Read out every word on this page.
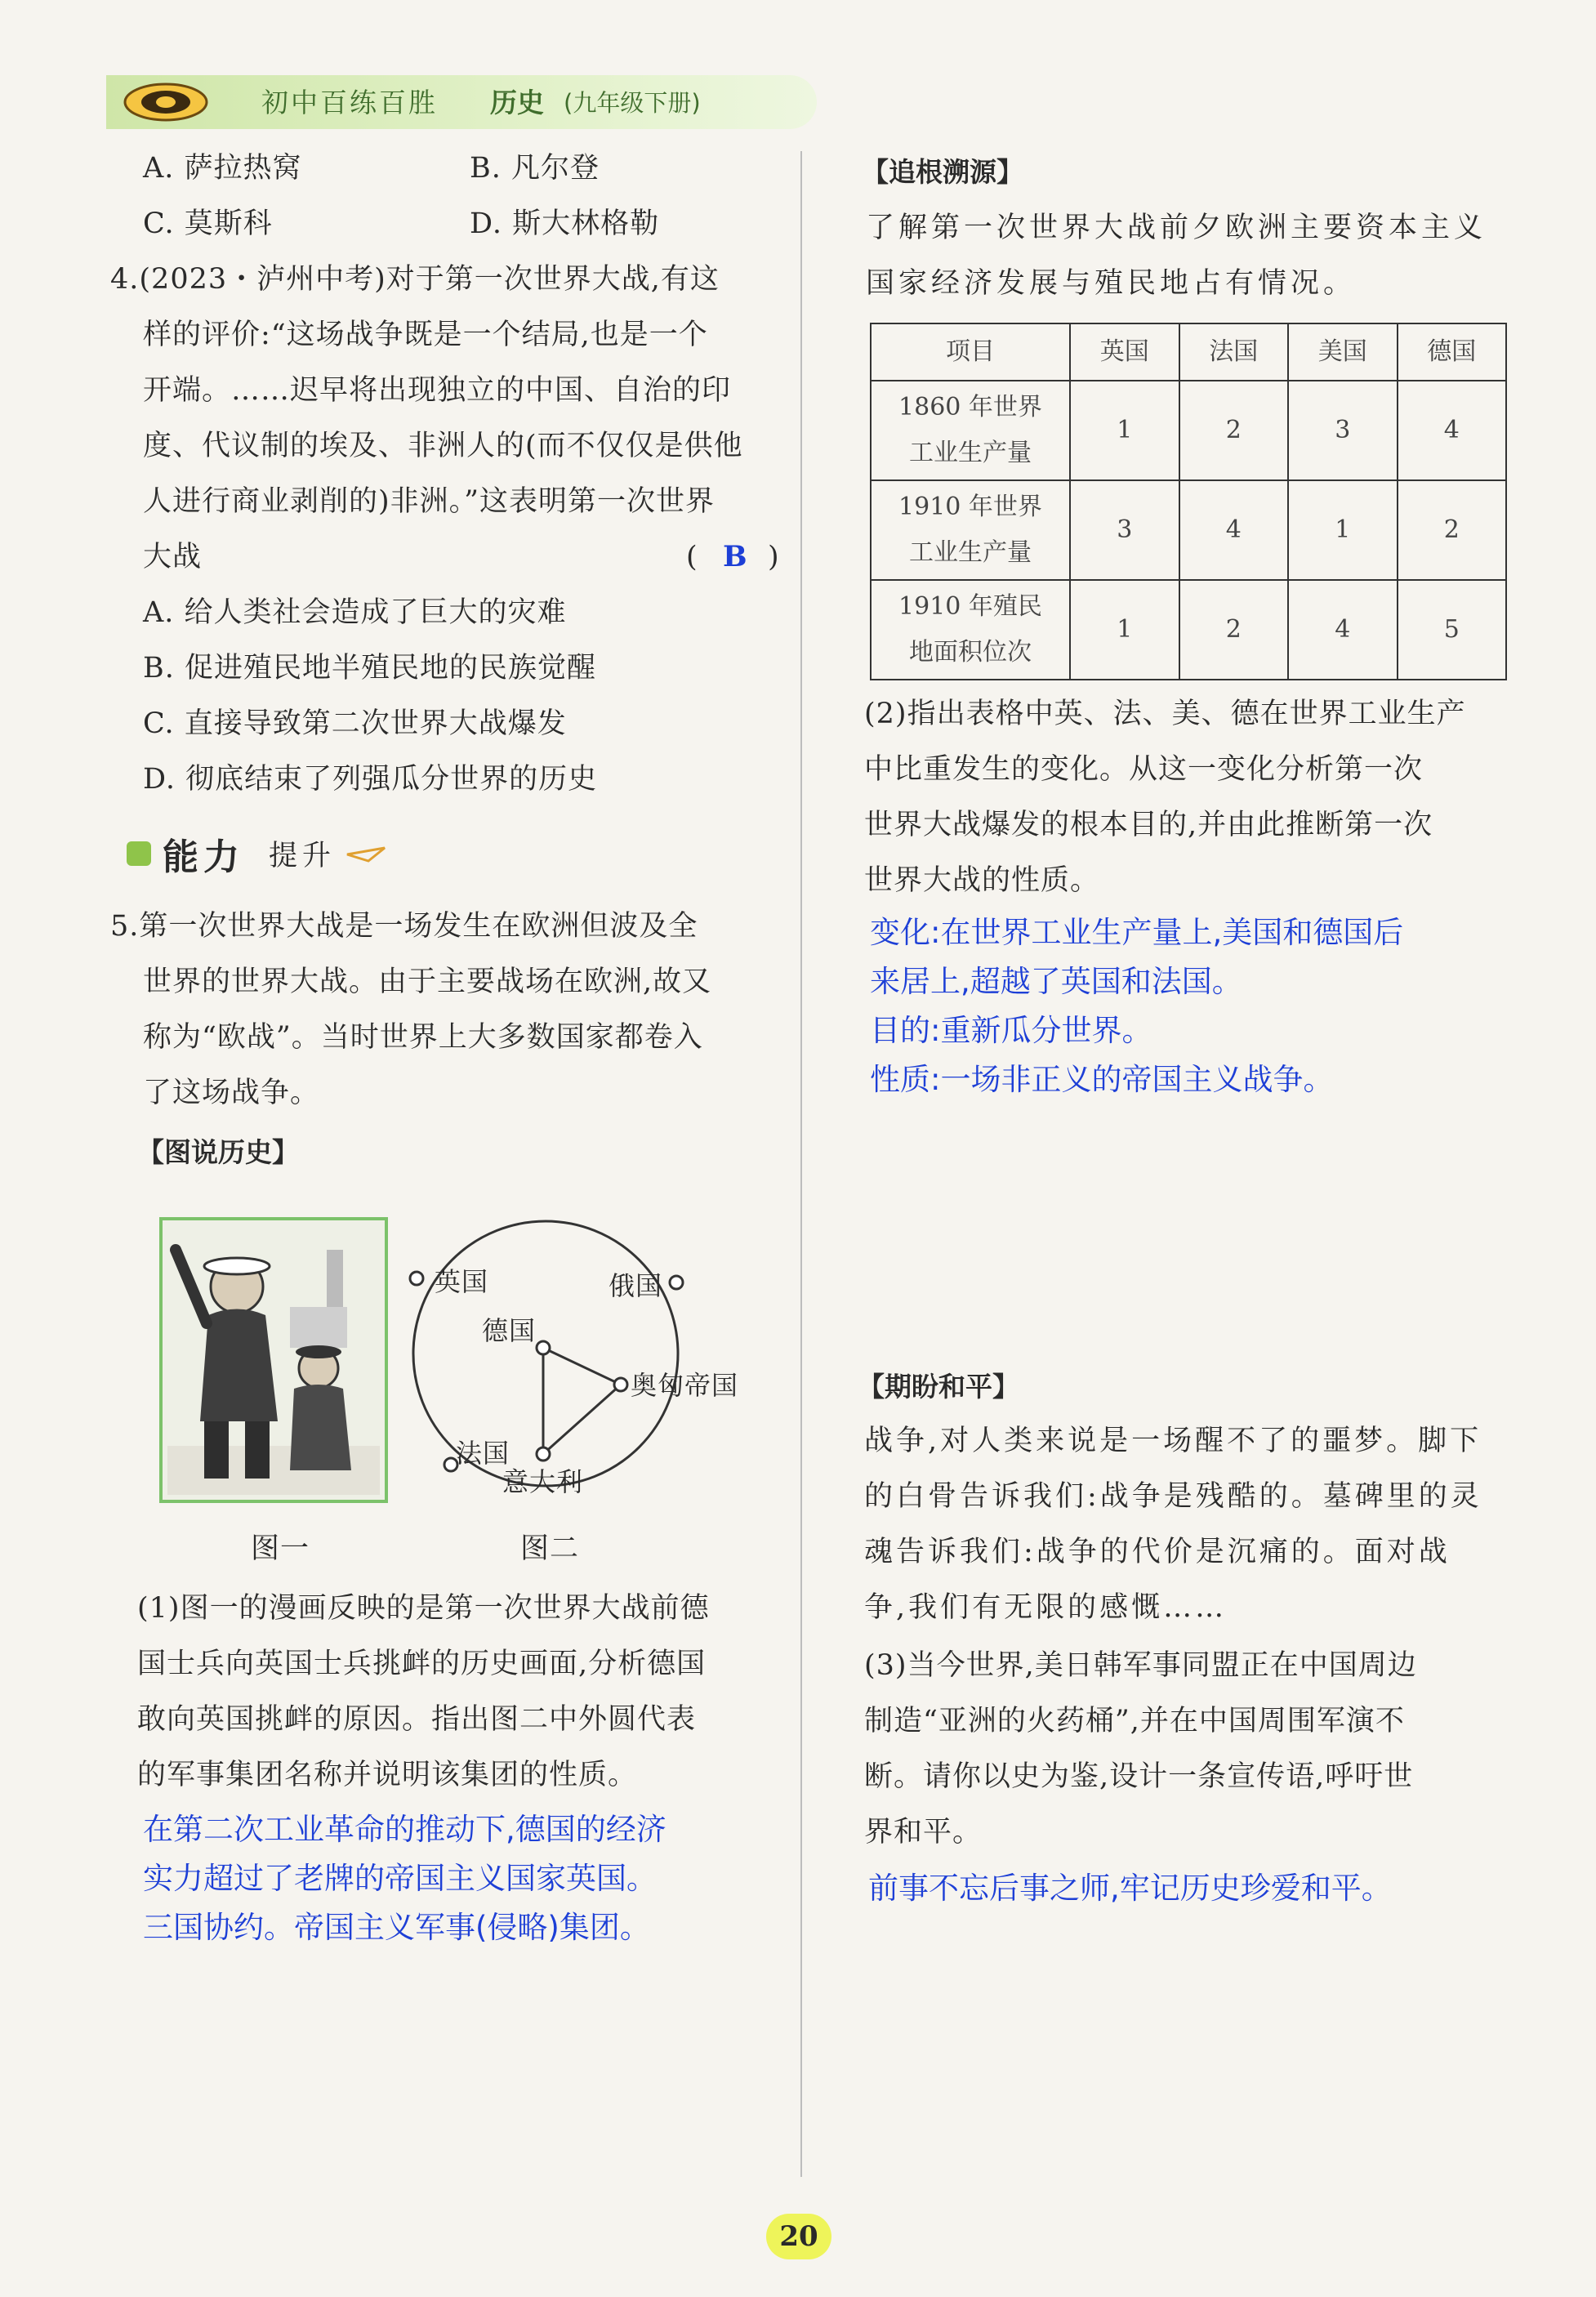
初中百练百胜 历史 (九年级下册)
A. 萨拉热窝	B. 凡尔登
C. 莫斯科	D. 斯大林格勒
4.(2023・泸州中考)对于第一次世界大战,有这
样的评价:“这场战争既是一个结局,也是一个
开端。……迟早将出现独立的中国、自治的印
度、代议制的埃及、非洲人的(而不仅仅是供他
人进行商业剥削的)非洲。”这表明第一次世界
大战	( B )
A. 给人类社会造成了巨大的灾难
B. 促进殖民地半殖民地的民族觉醒
C. 直接导致第二次世界大战爆发
D. 彻底结束了列强瓜分世界的历史
能力 提升
5.第一次世界大战是一场发生在欧洲但波及全
世界的世界大战。由于主要战场在欧洲,故又
称为“欧战”。当时世界上大多数国家都卷入
了这场战争。
【图说历史】
图一
英国	俄国
德国
奥匈帝国
法国
意大利
图二
(1)图一的漫画反映的是第一次世界大战前德
国士兵向英国士兵挑衅的历史画面,分析德国
敢向英国挑衅的原因。指出图二中外圆代表
的军事集团名称并说明该集团的性质。
在第二次工业革命的推动下,德国的经济
实力超过了老牌的帝国主义国家英国。
三国协约。帝国主义军事(侵略)集团。
【追根溯源】
了解第一次世界大战前夕欧洲主要资本主义
国家经济发展与殖民地占有情况。
项目	英国	法国	美国	德国

1860 年世界
工业生产量	1	2	3	4

1910 年世界
工业生产量	3	4	1	2

1910 年殖民
地面积位次	1	2	4	5
(2)指出表格中英、法、美、德在世界工业生产
中比重发生的变化。从这一变化分析第一次
世界大战爆发的根本目的,并由此推断第一次
世界大战的性质。
变化:在世界工业生产量上,美国和德国后
来居上,超越了英国和法国。
目的:重新瓜分世界。
性质:一场非正义的帝国主义战争。
【期盼和平】
战争,对人类来说是一场醒不了的噩梦。脚下
的白骨告诉我们:战争是残酷的。墓碑里的灵
魂告诉我们:战争的代价是沉痛的。面对战
争,我们有无限的感慨……
(3)当今世界,美日韩军事同盟正在中国周边
制造“亚洲的火药桶”,并在中国周围军演不
断。请你以史为鉴,设计一条宣传语,呼吁世
界和平。
前事不忘后事之师,牢记历史珍爱和平。
20
